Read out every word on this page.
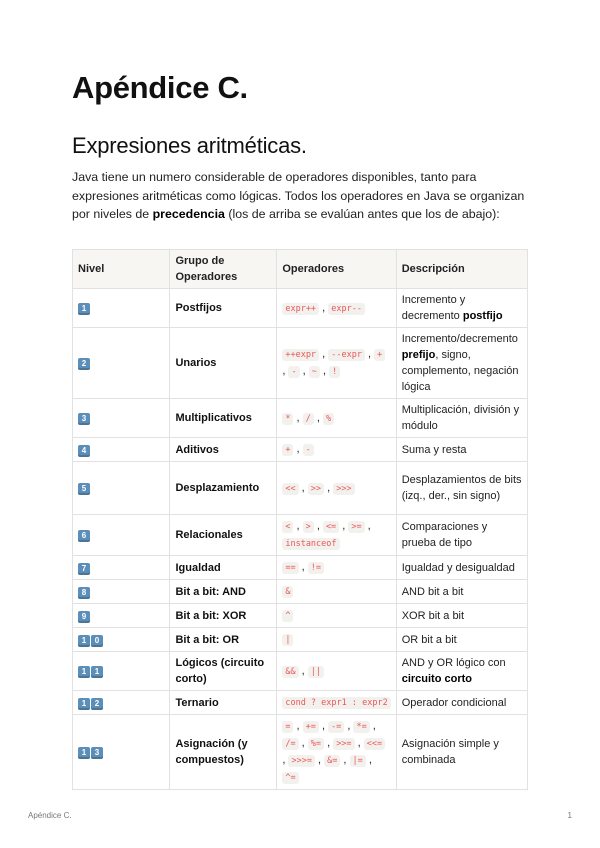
Apéndice C.
Expresiones aritméticas.

Java tiene un numero considerable de operadores disponibles, tanto para expresiones aritméticas como lógicas. Todos los operadores en Java se organizan por niveles de precedencia (los de arriba se evalúan antes que los de abajo):

Nivel	Grupo de Operadores	Operadores	Descripción

1	Postfijos	expr++ , expr--	Incremento y decremento postfijo

2	Unarios	++expr , --expr , + , - , ~ , !	Incremento/decremento prefijo, signo, complemento, negación lógica

3	Multiplicativos	* , / , %	Multiplicación, división y módulo

4	Aditivos	+ , -	Suma y resta

5	Desplazamiento	<< , >> , >>>	Desplazamientos de bits (izq., der., sin signo)

6	Relacionales	< , > , <= , >= , instanceof	Comparaciones y prueba de tipo

7	Igualdad	== , !=	Igualdad y desigualdad

8	Bit a bit: AND	&	AND bit a bit

9	Bit a bit: XOR	^	XOR bit a bit

1 0	Bit a bit: OR	|	OR bit a bit

1 1	Lógicos (circuito corto)	&& , ||	AND y OR lógico con circuito corto

1 2	Ternario	cond ? expr1 : expr2	Operador condicional

1 3	Asignación (y compuestos)	= , += , -= , *= , /= , %= , >>= , <<= , >>>= , &= , |= , ^=	Asignación simple y combinada
Apéndice C.	1
